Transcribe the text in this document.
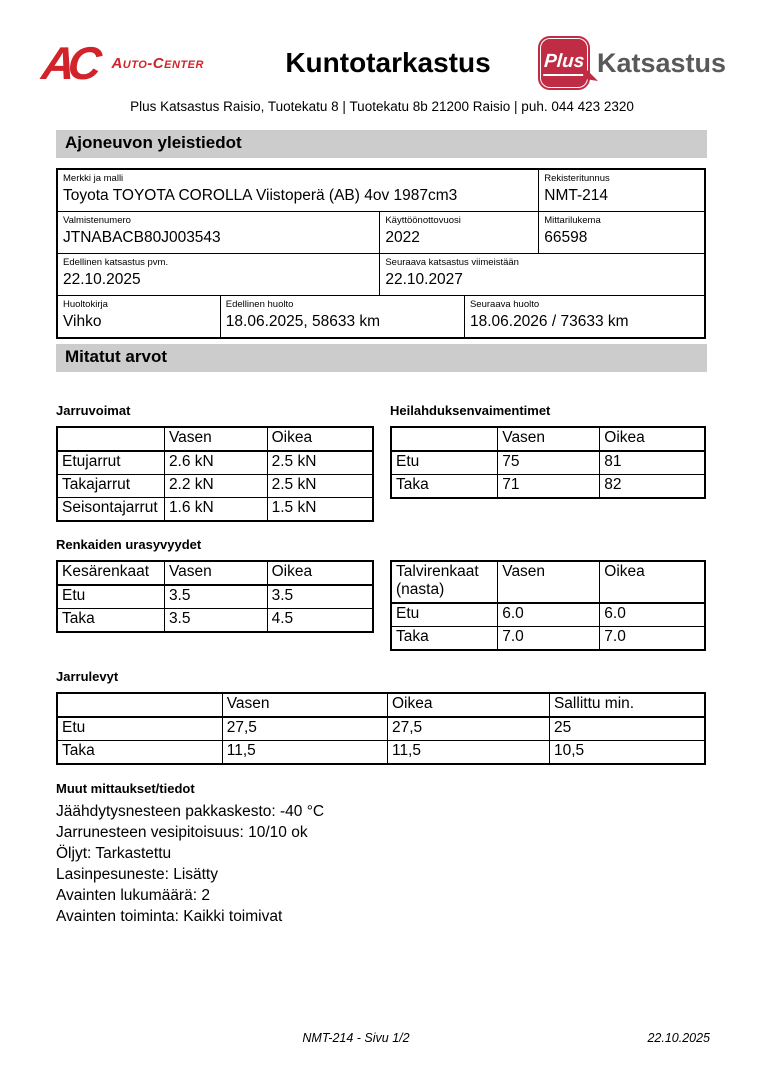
AC Auto-Center	Kuntotarkastus	Plus Katsastus
Plus Katsastus Raisio, Tuotekatu 8 | Tuotekatu 8b 21200 Raisio | puh. 044 423 2320
Ajoneuvon yleistiedot
Merkki ja malli
Toyota TOYOTA COROLLA Viistoperä (AB) 4ov 1987cm3
Rekisteritunnus
NMT-214
Valmistenumero
JTNABACB80J003543
Käyttöönottovuosi
2022
Mittarilukema
66598
Edellinen katsastus pvm.
22.10.2025
Seuraava katsastus viimeistään
22.10.2027
Huoltokirja
Vihko
Edellinen huolto
18.06.2025, 58633 km
Seuraava huolto
18.06.2026 / 73633 km
Mitatut arvot
Jarruvoimat
	Vasen	Oikea
Etujarrut	2.6 kN	2.5 kN
Takajarrut	2.2 kN	2.5 kN
Seisontajarrut	1.6 kN	1.5 kN
Heilahduksenvaimentimet
	Vasen	Oikea
Etu	75	81
Taka	71	82
Renkaiden urasyvyydet
Kesärenkaat	Vasen	Oikea
Etu	3.5	3.5
Taka	3.5	4.5
Talvirenkaat (nasta)	Vasen	Oikea
Etu	6.0	6.0
Taka	7.0	7.0
Jarrulevyt
	Vasen	Oikea	Sallittu min.
Etu	27,5	27,5	25
Taka	11,5	11,5	10,5
Muut mittaukset/tiedot
Jäähdytysnesteen pakkaskesto: -40 °C
Jarrunesteen vesipitoisuus: 10/10 ok
Öljyt: Tarkastettu
Lasinpesuneste: Lisätty
Avainten lukumäärä: 2
Avainten toiminta: Kaikki toimivat
NMT-214 - Sivu 1/2	22.10.2025
